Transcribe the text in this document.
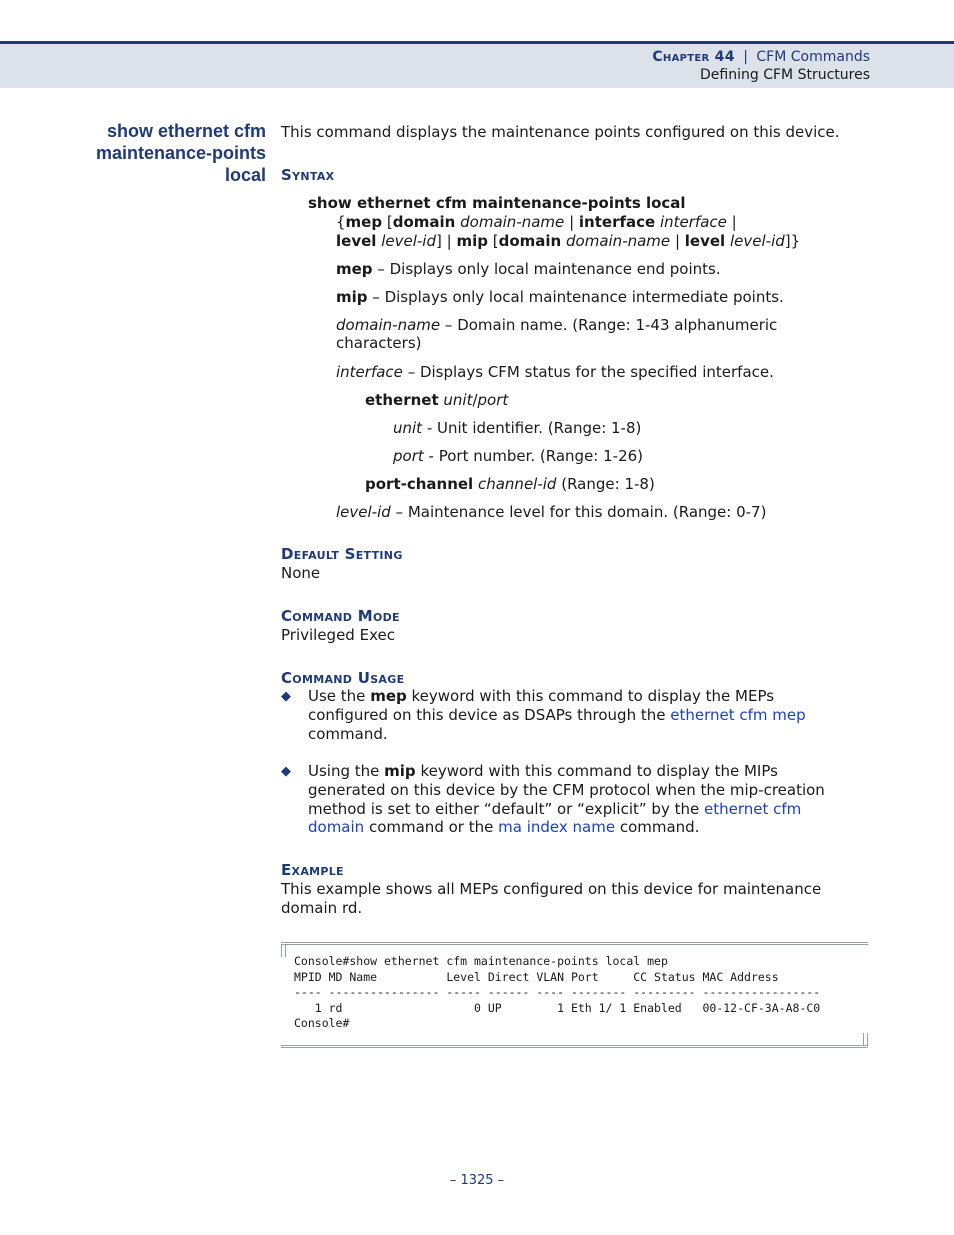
Chapter 44 | CFM Commands
Defining CFM Structures
show ethernet cfm
maintenance-points
local
This command displays the maintenance points configured on this device.
Syntax
show ethernet cfm maintenance-points local
{mep [domain domain-name | interface interface |
level level-id] | mip [domain domain-name | level level-id]}
mep – Displays only local maintenance end points.
mip – Displays only local maintenance intermediate points.
domain-name – Domain name. (Range: 1-43 alphanumeric
characters)
interface – Displays CFM status for the specified interface.
ethernet unit/port
unit - Unit identifier. (Range: 1-8)
port - Port number. (Range: 1-26)
port-channel channel-id (Range: 1-8)
level-id – Maintenance level for this domain. (Range: 0-7)
Default Setting
None
Command Mode
Privileged Exec
Command Usage
◆ Use the mep keyword with this command to display the MEPs
configured on this device as DSAPs through the ethernet cfm mep
command.
◆ Using the mip keyword with this command to display the MIPs
generated on this device by the CFM protocol when the mip-creation
method is set to either “default” or “explicit” by the ethernet cfm
domain command or the ma index name command.
Example
This example shows all MEPs configured on this device for maintenance
domain rd.
Console#show ethernet cfm maintenance-points local mep
MPID MD Name          Level Direct VLAN Port     CC Status MAC Address
---- ---------------- ----- ------ ---- -------- --------- -----------------
1 rd                   0 UP        1 Eth 1/ 1 Enabled   00-12-CF-3A-A8-C0
Console#
– 1325 –
